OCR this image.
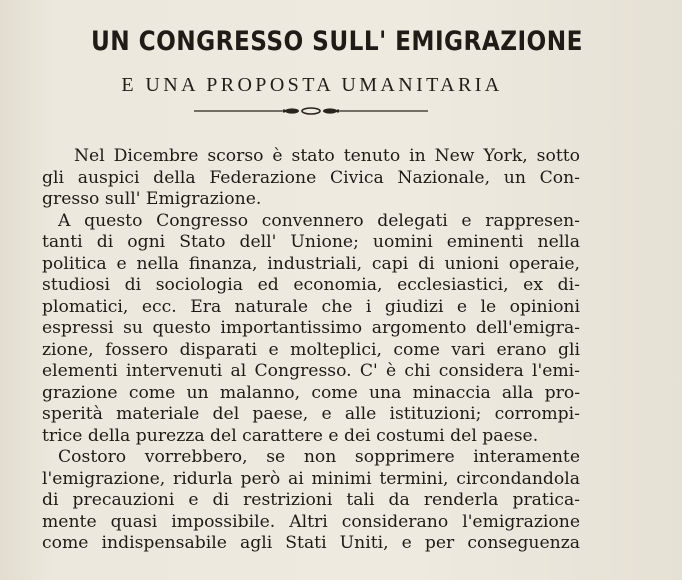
UN CONGRESSO SULL' EMIGRAZIONE
E UNA PROPOSTA UMANITARIA
Nel Dicembre scorso è stato tenuto in New York, sotto
gli auspici della Federazione Civica Nazionale, un Con-
gresso sull' Emigrazione.
A questo Congresso convennero delegati e rappresen-
tanti di ogni Stato dell' Unione; uomini eminenti nella
politica e nella finanza, industriali, capi di unioni operaie,
studiosi di sociologia ed economia, ecclesiastici, ex di-
plomatici, ecc. Era naturale che i giudizi e le opinioni
espressi su questo importantissimo argomento dell'emigra-
zione, fossero disparati e molteplici, come vari erano gli
elementi intervenuti al Congresso. C' è chi considera l'emi-
grazione come un malanno, come una minaccia alla pro-
sperità materiale del paese, e alle istituzioni; corrompi-
trice della purezza del carattere e dei costumi del paese.
Costoro vorrebbero, se non sopprimere interamente
l'emigrazione, ridurla però ai minimi termini, circondandola
di precauzioni e di restrizioni tali da renderla pratica-
mente quasi impossibile. Altri considerano l'emigrazione
come indispensabile agli Stati Uniti, e per conseguenza
